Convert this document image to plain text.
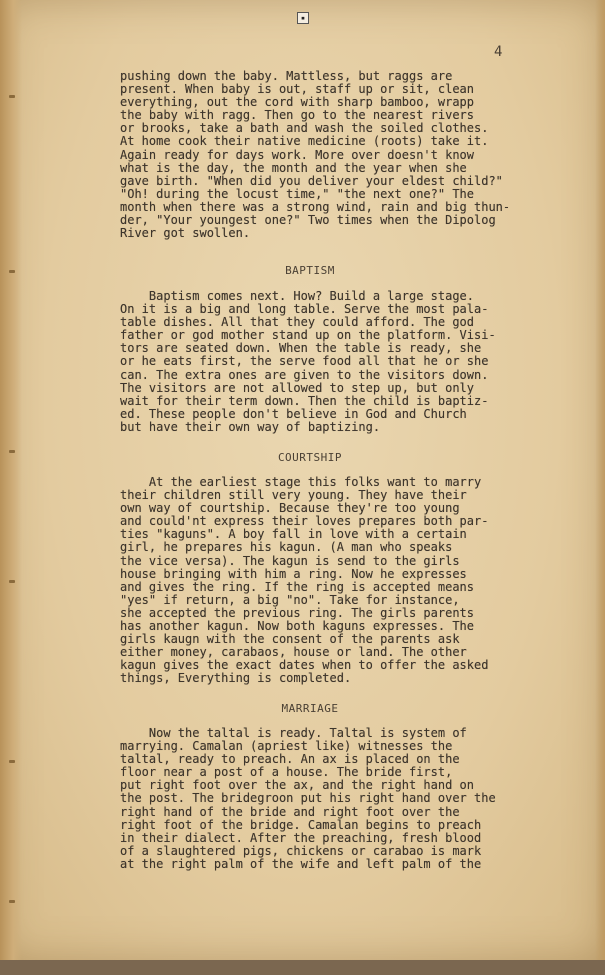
▪
4
pushing down the baby. Mattless, but raggs are
present. When baby is out, staff up or sit, clean
everything, out the cord with sharp bamboo, wrapp
the baby with ragg. Then go to the nearest rivers
or brooks, take a bath and wash the soiled clothes.
At home cook their native medicine (roots) take it.
Again ready for days work. More over doesn't know
what is the day, the month and the year when she
gave birth. "When did you deliver your eldest child?"
"Oh! during the locust time," "the next one?" The
month when there was a strong wind, rain and big thun-
der, "Your youngest one?" Two times when the Dipolog
River got swollen.
BAPTISM
Baptism comes next. How? Build a large stage.
On it is a big and long table. Serve the most pala-
table dishes. All that they could afford. The god
father or god mother stand up on the platform. Visi-
tors are seated down. When the table is ready, she
or he eats first, the serve food all that he or she
can. The extra ones are given to the visitors down.
The visitors are not allowed to step up, but only
wait for their term down. Then the child is baptiz-
ed. These people don't believe in God and Church
but have their own way of baptizing.
COURTSHIP
At the earliest stage this folks want to marry
their children still very young. They have their
own way of courtship. Because they're too young
and could'nt express their loves prepares both par-
ties "kaguns". A boy fall in love with a certain
girl, he prepares his kagun. (A man who speaks
the vice versa). The kagun is send to the girls
house bringing with him a ring. Now he expresses
and gives the ring. If the ring is accepted means
"yes" if return, a big "no". Take for instance,
she accepted the previous ring. The girls parents
has another kagun. Now both kaguns expresses. The
girls kaugn with the consent of the parents ask
either money, carabaos, house or land. The other
kagun gives the exact dates when to offer the asked
things, Everything is completed.
MARRIAGE
Now the taltal is ready. Taltal is system of
marrying. Camalan (apriest like) witnesses the
taltal, ready to preach. An ax is placed on the
floor near a post of a house. The bride first,
put right foot over the ax, and the right hand on
the post. The bridegroon put his right hand over the
right hand of the bride and right foot over the
right foot of the bridge. Camalan begins to preach
in their dialect. After the preaching, fresh blood
of a slaughtered pigs, chickens or carabao is mark
at the right palm of the wife and left palm of the
